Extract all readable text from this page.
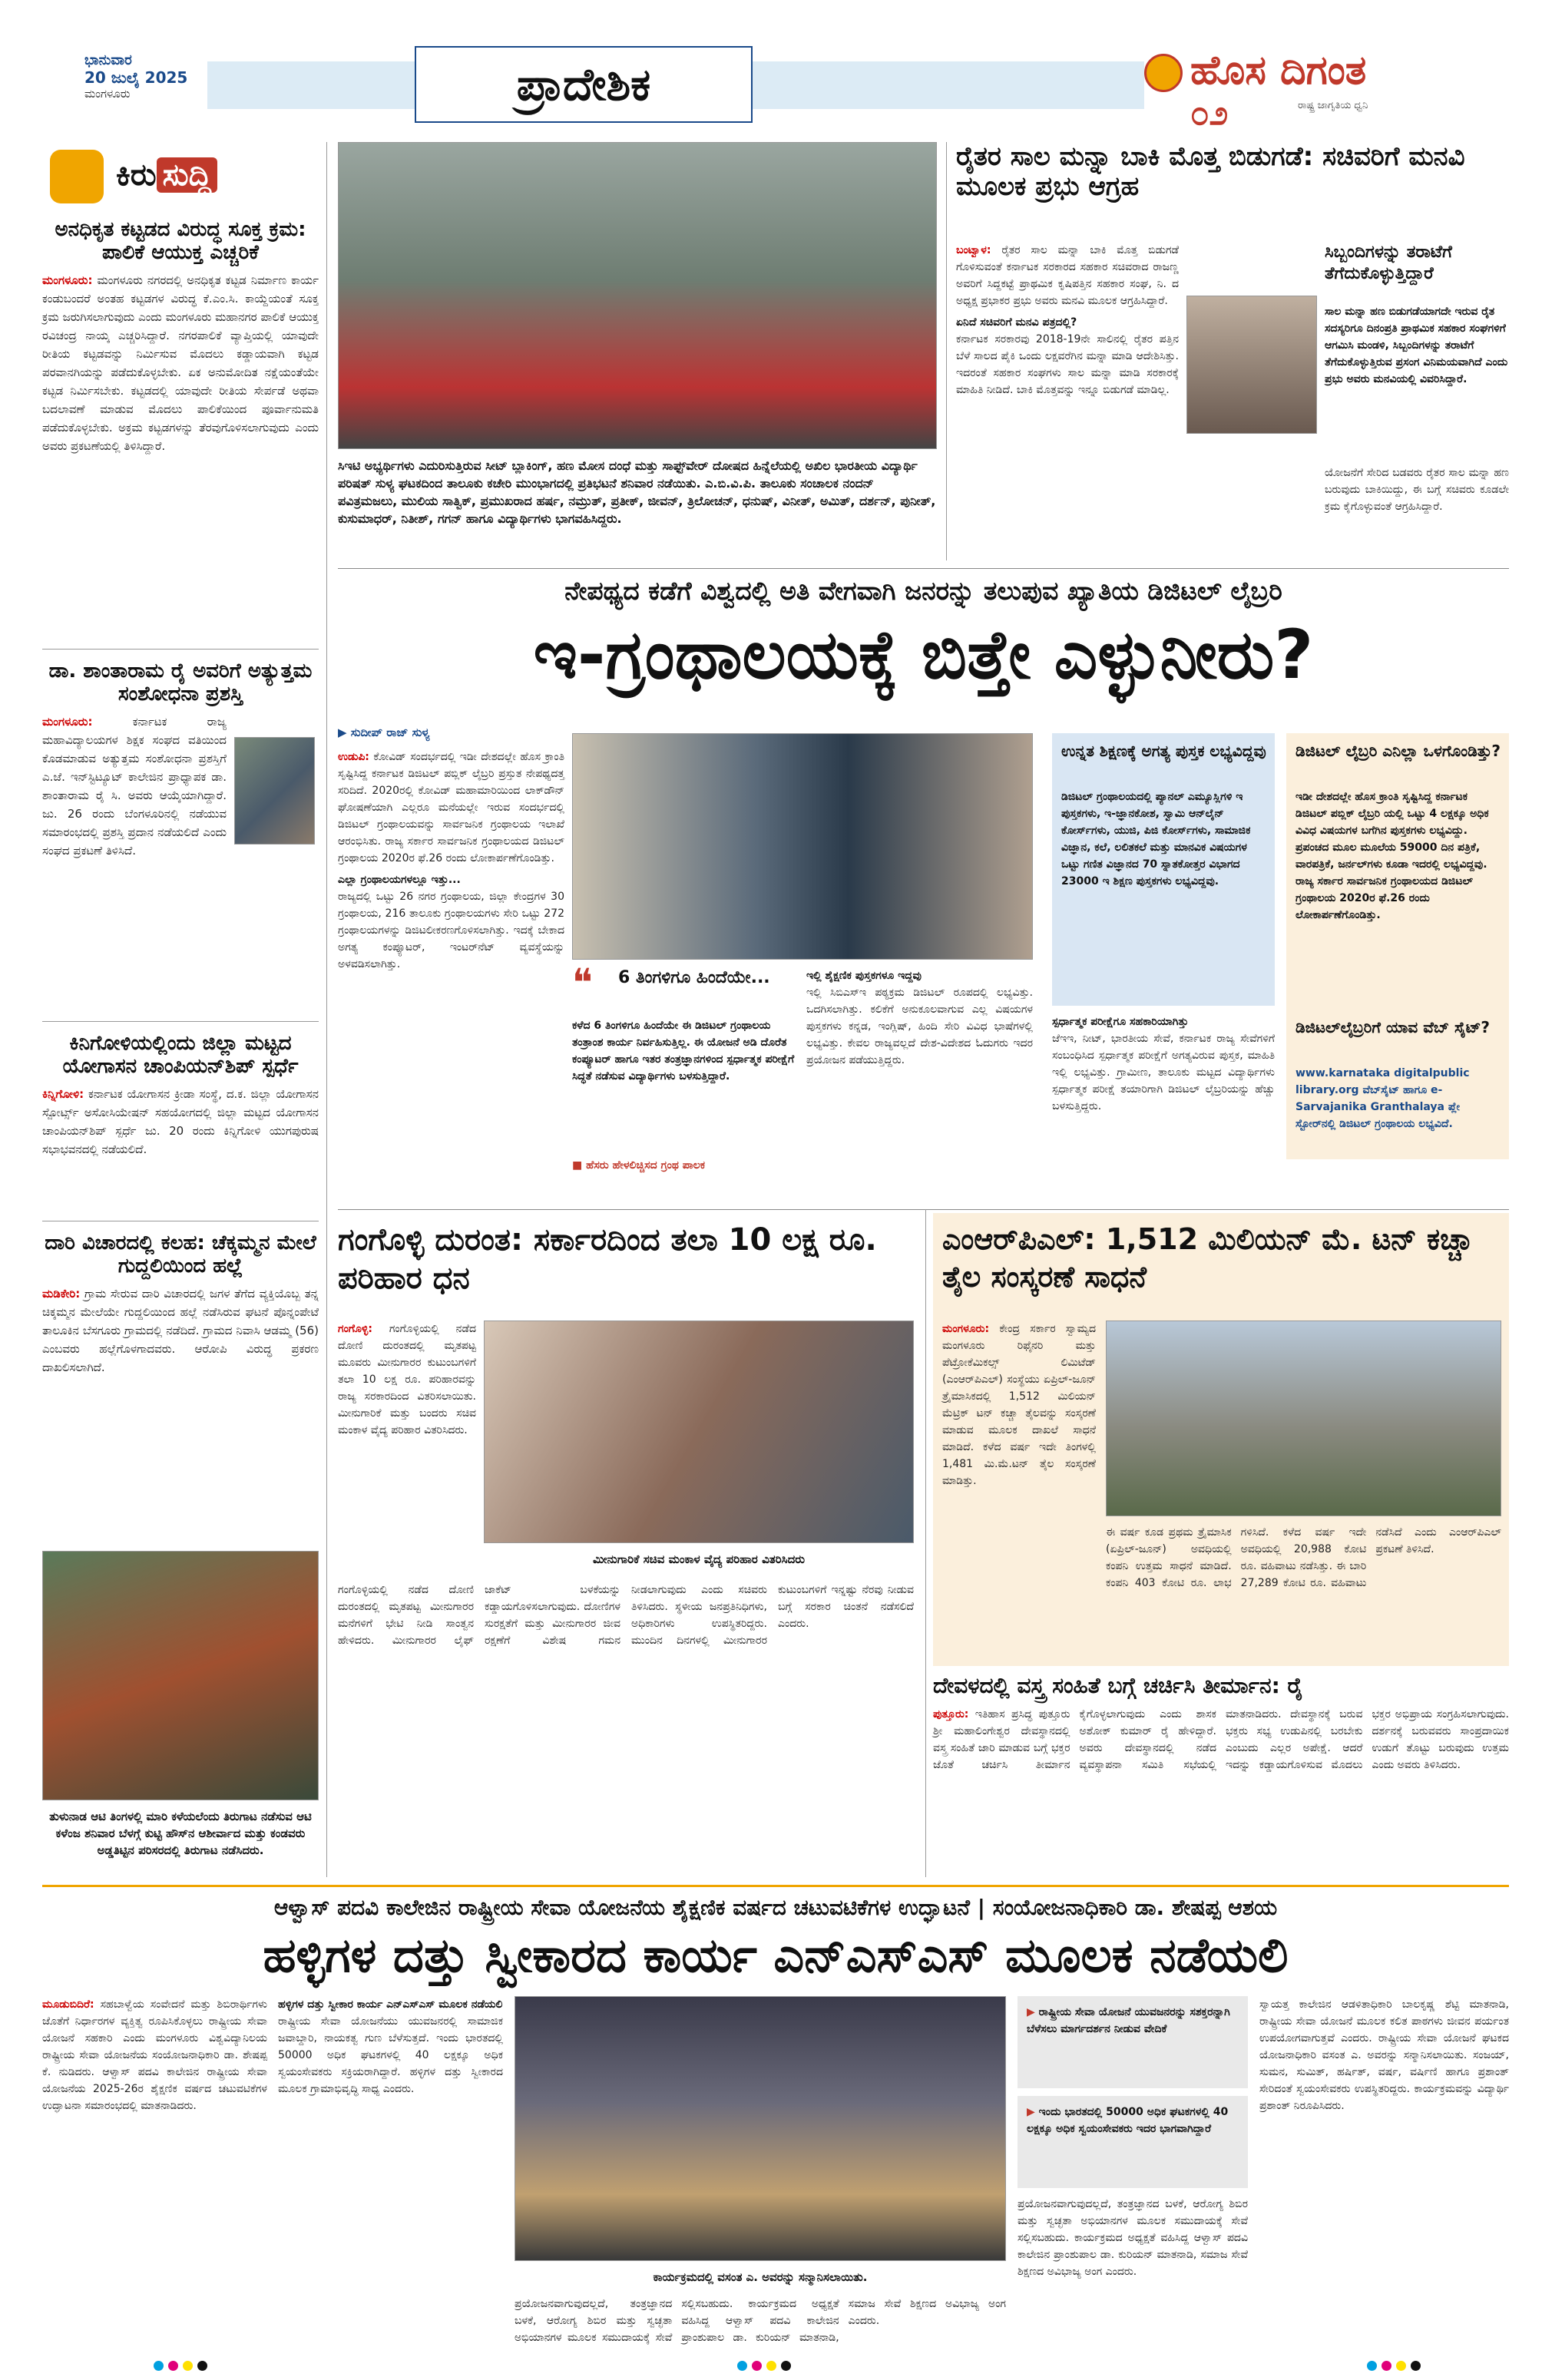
ಭಾನುವಾರ
20 ಜುಲೈ 2025
ಮಂಗಳೂರು	ಪ್ರಾದೇಶಿಕ	ಹೊಸ ದಿಗಂತ
ರಾಷ್ಟ್ರ ಜಾಗೃತಿಯ ಧ್ವನಿ
೦೨
ಕಿರು ಸುದ್ದಿ
ಅನಧಿಕೃತ ಕಟ್ಟಡದ ವಿರುದ್ಧ ಸೂಕ್ತ ಕ್ರಮ: ಪಾಲಿಕೆ ಆಯುಕ್ತ ಎಚ್ಚರಿಕೆ
ಮಂಗಳೂರು: ಮಂಗಳೂರು ನಗರದಲ್ಲಿ ಅನಧಿಕೃತ ಕಟ್ಟಡ ನಿರ್ಮಾಣ ಕಾರ್ಯ ಕಂಡುಬಂದರೆ ಅಂತಹ ಕಟ್ಟಡಗಳ ವಿರುದ್ಧ ಕೆ.ಎಂ.ಸಿ. ಕಾಯ್ದೆಯಂತೆ ಸೂಕ್ತ ಕ್ರಮ ಜರುಗಿಸಲಾಗುವುದು ಎಂದು ಮಂಗಳೂರು ಮಹಾನಗರ ಪಾಲಿಕೆ ಆಯುಕ್ತ ರವಿಚಂದ್ರ ನಾಯ್ಕ ಎಚ್ಚರಿಸಿದ್ದಾರೆ. ನಗರಪಾಲಿಕೆ ವ್ಯಾಪ್ತಿಯಲ್ಲಿ ಯಾವುದೇ ರೀತಿಯ ಕಟ್ಟಡವನ್ನು ನಿರ್ಮಿಸುವ ಮೊದಲು ಕಡ್ಡಾಯವಾಗಿ ಕಟ್ಟಡ ಪರವಾನಗಿಯನ್ನು ಪಡೆದುಕೊಳ್ಳಬೇಕು. ಏಕ ಅನುಮೋದಿತ ನಕ್ಷೆಯಂತೆಯೇ ಕಟ್ಟಡ ನಿರ್ಮಿಸಬೇಕು. ಕಟ್ಟಡದಲ್ಲಿ ಯಾವುದೇ ರೀತಿಯ ಸೇರ್ಪಡೆ ಅಥವಾ ಬದಲಾವಣೆ ಮಾಡುವ ಮೊದಲು ಪಾಲಿಕೆಯಿಂದ ಪೂರ್ವಾನುಮತಿ ಪಡೆದುಕೊಳ್ಳಬೇಕು. ಅಕ್ರಮ ಕಟ್ಟಡಗಳನ್ನು ತೆರವುಗೊಳಿಸಲಾಗುವುದು ಎಂದು ಅವರು ಪ್ರಕಟಣೆಯಲ್ಲಿ ತಿಳಿಸಿದ್ದಾರೆ.
ಡಾ. ಶಾಂತಾರಾಮ ರೈ ಅವರಿಗೆ ಅತ್ಯುತ್ತಮ ಸಂಶೋಧನಾ ಪ್ರಶಸ್ತಿ
ಮಂಗಳೂರು:	ಕರ್ನಾಟಕ ರಾಜ್ಯ ಮಹಾವಿದ್ಯಾಲಯಗಳ ಶಿಕ್ಷಕ ಸಂಘದ ವತಿಯಿಂದ ಕೊಡಮಾಡುವ ಅತ್ಯುತ್ತಮ ಸಂಶೋಧನಾ ಪ್ರಶಸ್ತಿಗೆ ಎ.ಜೆ. ಇನ್‌ಸ್ಟಿಟ್ಯೂಟ್ ಕಾಲೇಜಿನ ಪ್ರಾಧ್ಯಾಪಕ ಡಾ. ಶಾಂತಾರಾಮ ರೈ ಸಿ. ಅವರು ಆಯ್ಕೆಯಾಗಿದ್ದಾರೆ. ಜು. 26 ರಂದು ಬೆಂಗಳೂರಿನಲ್ಲಿ ನಡೆಯುವ ಸಮಾರಂಭದಲ್ಲಿ ಪ್ರಶಸ್ತಿ ಪ್ರದಾನ ನಡೆಯಲಿದೆ ಎಂದು ಸಂಘದ ಪ್ರಕಟಣೆ ತಿಳಿಸಿದೆ.
ಕಿನಿಗೋಳಿಯಲ್ಲಿಂದು ಜಿಲ್ಲಾ ಮಟ್ಟದ ಯೋಗಾಸನ ಚಾಂಪಿಯನ್‌ಶಿಪ್ ಸ್ಪರ್ಧೆ
ಕಿನ್ನಿಗೋಳಿ: ಕರ್ನಾಟಕ ಯೋಗಾಸನ ಕ್ರೀಡಾ ಸಂಸ್ಥೆ, ದ.ಕ. ಜಿಲ್ಲಾ ಯೋಗಾಸನ ಸ್ಪೋರ್ಟ್ಸ್ ಅಸೋಸಿಯೇಷನ್ ಸಹಯೋಗದಲ್ಲಿ ಜಿಲ್ಲಾ ಮಟ್ಟದ ಯೋಗಾಸನ ಚಾಂಪಿಯನ್‌ಶಿಪ್ ಸ್ಪರ್ಧೆ ಜು. 20 ರಂದು ಕಿನ್ನಿಗೋಳಿ ಯುಗಪುರುಷ ಸಭಾಭವನದಲ್ಲಿ ನಡೆಯಲಿದೆ.
ದಾರಿ ವಿಚಾರದಲ್ಲಿ ಕಲಹ: ಚೆಕ್ಕಮ್ಮನ ಮೇಲೆ ಗುದ್ದಲಿಯಿಂದ ಹಲ್ಲೆ
ಮಡಿಕೇರಿ: ಗ್ರಾಮ ಸೇರುವ ದಾರಿ ವಿಚಾರದಲ್ಲಿ ಜಗಳ ತೆಗೆದ ವ್ಯಕ್ತಿಯೊಬ್ಬ ತನ್ನ ಚಿಕ್ಕಮ್ಮನ ಮೇಲೆಯೇ ಗುದ್ದಲಿಯಿಂದ ಹಲ್ಲೆ ನಡೆಸಿರುವ ಘಟನೆ ಪೊನ್ನಂಪೇಟೆ ತಾಲೂಕಿನ ಬೆಸಗೂರು ಗ್ರಾಮದಲ್ಲಿ ನಡೆದಿದೆ. ಗ್ರಾಮದ ನಿವಾಸಿ ಆಡಮ್ಮ (56) ಎಂಬವರು ಹಲ್ಲೆಗೊಳಗಾದವರು. ಆರೋಪಿ ವಿರುದ್ಧ ಪ್ರಕರಣ ದಾಖಲಿಸಲಾಗಿದೆ.
ತುಳುನಾಡ ಆಟಿ ತಿಂಗಳಲ್ಲಿ ಮಾರಿ ಕಳೆಯಲೆಂದು ತಿರುಗಾಟ ನಡೆಸುವ ಆಟಿ ಕಳೆಂಜ ಶನಿವಾರ ಬೆಳಗ್ಗೆ ಕುಟ್ಟಿ ಹೌಸ್‌ನ ಆಶೀರ್ವಾದ ಮತ್ತು ಕಂಡವರು ಅಡ್ಡತಿಟ್ಟಿನ ಪರಿಸರದಲ್ಲಿ ತಿರುಗಾಟ ನಡೆಸಿದರು.
ಸಿಇಟಿ ಅಭ್ಯರ್ಥಿಗಳು ಎದುರಿಸುತ್ತಿರುವ ಸೀಟ್ ಬ್ಲಾಕಿಂಗ್, ಹಣ ಮೋಸ ದಂಧೆ ಮತ್ತು ಸಾಫ್ಟ್‌ವೇರ್ ದೋಷದ ಹಿನ್ನೆಲೆಯಲ್ಲಿ ಅಖಿಲ ಭಾರತೀಯ ವಿದ್ಯಾರ್ಥಿ ಪರಿಷತ್ ಸುಳ್ಯ ಘಟಕದಿಂದ ತಾಲೂಕು ಕಚೇರಿ ಮುಂಭಾಗದಲ್ಲಿ ಪ್ರತಿಭಟನೆ ಶನಿವಾರ ನಡೆಯಿತು. ಎ.ಬಿ.ವಿ.ಪಿ. ತಾಲೂಕು ಸಂಚಾಲಕ ನಂದನ್ ಪವಿತ್ರಮಜಲು, ಮುಲಿಯ ಸಾತ್ವಿಕ್, ಪ್ರಮುಖರಾದ ಹರ್ಷ, ನಮ್ರುತ್, ಪ್ರತೀಕ್, ಜೀವನ್, ತ್ರಿಲೋಚನ್, ಧನುಷ್, ವಿನೀತ್, ಅಮಿತ್, ದರ್ಶನ್, ಪುನೀತ್, ಕುಸುಮಾಧರ್, ನಿತೀಶ್, ಗಗನ್ ಹಾಗೂ ವಿದ್ಯಾರ್ಥಿಗಳು ಭಾಗವಹಿಸಿದ್ದರು.
ರೈತರ ಸಾಲ ಮನ್ನಾ ಬಾಕಿ ಮೊತ್ತ ಬಿಡುಗಡೆ: ಸಚಿವರಿಗೆ ಮನವಿ ಮೂಲಕ ಪ್ರಭು ಆಗ್ರಹ
ಬಂಟ್ವಾಳ: ರೈತರ ಸಾಲ ಮನ್ನಾ ಬಾಕಿ ಮೊತ್ತ ಬಿಡುಗಡೆ ಗೊಳಿಸುವಂತೆ ಕರ್ನಾಟಕ ಸರಕಾರದ ಸಹಕಾರ ಸಚಿವರಾದ ರಾಜಣ್ಣ ಅವರಿಗೆ ಸಿದ್ದಕಟ್ಟೆ ಪ್ರಾಥಮಿಕ ಕೃಷಿಪತ್ತಿನ ಸಹಕಾರ ಸಂಘ, ನಿ. ದ ಅಧ್ಯಕ್ಷ ಪ್ರಭಾಕರ ಪ್ರಭು ಅವರು ಮನವಿ ಮೂಲಕ ಆಗ್ರಹಿಸಿದ್ದಾರೆ.
ಏನಿದೆ ಸಚಿವರಿಗೆ ಮನವಿ ಪತ್ರದಲ್ಲಿ?
ಕರ್ನಾಟಕ ಸರಕಾರವು 2018-19ನೇ ಸಾಲಿನಲ್ಲಿ ರೈತರ ಪತ್ತಿನ ಬೆಳೆ ಸಾಲದ ಪೈಕಿ ಒಂದು ಲಕ್ಷವರೆಗಿನ ಮನ್ನಾ ಮಾಡಿ ಆದೇಶಿಸಿತ್ತು. ಇದರಂತೆ ಸಹಕಾರ ಸಂಘಗಳು ಸಾಲ ಮನ್ನಾ ಮಾಡಿ ಸರಕಾರಕ್ಕೆ ಮಾಹಿತಿ ನೀಡಿದೆ. ಬಾಕಿ ಮೊತ್ತವನ್ನು ಇನ್ನೂ ಬಿಡುಗಡೆ ಮಾಡಿಲ್ಲ.
ಸಿಬ್ಬಂದಿಗಳನ್ನು ತರಾಟೆಗೆ ತೆಗೆದುಕೊಳ್ಳುತ್ತಿದ್ದಾರೆ
ಸಾಲ ಮನ್ನಾ ಹಣ ಬಿಡುಗಡೆಯಾಗದೇ ಇರುವ ರೈತ ಸದಸ್ಯರಿಗೂ ದಿನಂಪ್ರತಿ ಪ್ರಾಥಮಿಕ ಸಹಕಾರ ಸಂಘಗಳಿಗೆ ಆಗಮಿಸಿ ಮಂಡಳಿ, ಸಿಬ್ಬಂದಿಗಳನ್ನು ತರಾಟೆಗೆ ತೆಗೆದುಕೊಳ್ಳುತ್ತಿರುವ ಪ್ರಸಂಗ ವಿನಿಮಯವಾಗಿದೆ ಎಂದು ಪ್ರಭು ಅವರು ಮನವಿಯಲ್ಲಿ ವಿವರಿಸಿದ್ದಾರೆ.
ಯೋಜನೆಗೆ ಸೇರಿದ ಬಡವರು ರೈತರ ಸಾಲ ಮನ್ನಾ ಹಣ ಬರುವುದು ಬಾಕಿಯಿದ್ದು, ಈ ಬಗ್ಗೆ ಸಚಿವರು ಕೂಡಲೇ ಕ್ರಮ ಕೈಗೊಳ್ಳುವಂತೆ ಆಗ್ರಹಿಸಿದ್ದಾರೆ.
ನೇಪಥ್ಯದ ಕಡೆಗೆ ವಿಶ್ವದಲ್ಲಿ ಅತಿ ವೇಗವಾಗಿ ಜನರನ್ನು ತಲುಪುವ ಖ್ಯಾತಿಯ ಡಿಜಿಟಲ್ ಲೈಬ್ರರಿ
ಇ-ಗ್ರಂಥಾಲಯಕ್ಕೆ ಬಿತ್ತೇ ಎಳ್ಳುನೀರು?
▶ ಸುದೀಪ್ ರಾಜ್ ಸುಳ್ಯ
ಉಡುಪಿ: ಕೋವಿಡ್ ಸಂದರ್ಭದಲ್ಲಿ ಇಡೀ ದೇಶದಲ್ಲೇ ಹೊಸ ಕ್ರಾಂತಿ ಸೃಷ್ಟಿಸಿದ್ದ ಕರ್ನಾಟಕ ಡಿಜಿಟಲ್ ಪಬ್ಲಿಕ್ ಲೈಬ್ರರಿ ಪ್ರಸ್ತುತ ನೇಪಥ್ಯದತ್ತ ಸರಿದಿದೆ. 2020ರಲ್ಲಿ ಕೋವಿಡ್ ಮಹಾಮಾರಿಯಿಂದ ಲಾಕ್‌ಡೌನ್ ಘೋಷಣೆಯಾಗಿ ಎಲ್ಲರೂ ಮನೆಯಲ್ಲೇ ಇರುವ ಸಂದರ್ಭದಲ್ಲಿ ಡಿಜಿಟಲ್ ಗ್ರಂಥಾಲಯವನ್ನು ಸಾರ್ವಜನಿಕ ಗ್ರಂಥಾಲಯ ಇಲಾಖೆ ಆರಂಭಿಸಿತು. ರಾಜ್ಯ ಸರ್ಕಾರ ಸಾರ್ವಜನಿಕ ಗ್ರಂಥಾಲಯದ ಡಿಜಿಟಲ್ ಗ್ರಂಥಾಲಯ 2020ರ ಫೆ.26 ರಂದು ಲೋಕಾರ್ಪಣೆಗೊಂಡಿತ್ತು.
ಎಲ್ಲಾ ಗ್ರಂಥಾಲಯಗಳಲ್ಲೂ ಇತ್ತು...
ರಾಜ್ಯದಲ್ಲಿ ಒಟ್ಟು 26 ನಗರ ಗ್ರಂಥಾಲಯ, ಜಿಲ್ಲಾ ಕೇಂದ್ರಗಳ 30 ಗ್ರಂಥಾಲಯ, 216 ತಾಲೂಕು ಗ್ರಂಥಾಲಯಗಳು ಸೇರಿ ಒಟ್ಟು 272 ಗ್ರಂಥಾಲಯಗಳನ್ನು ಡಿಜಿಟಲೀಕರಣಗೊಳಿಸಲಾಗಿತ್ತು. ಇದಕ್ಕೆ ಬೇಕಾದ ಅಗತ್ಯ ಕಂಪ್ಯೂಟರ್, ಇಂಟರ್‌ನೆಟ್ ವ್ಯವಸ್ಥೆಯನ್ನು ಅಳವಡಿಸಲಾಗಿತ್ತು.	❝ 6 ತಿಂಗಳಿಗೂ ಹಿಂದೆಯೇ...
ಕಳೆದ 6 ತಿಂಗಳಿಗೂ ಹಿಂದೆಯೇ ಈ ಡಿಜಿಟಲ್ ಗ್ರಂಥಾಲಯ ತಂತ್ರಾಂಶ ಕಾರ್ಯ ನಿರ್ವಹಿಸುತ್ತಿಲ್ಲ. ಈ ಯೋಜನೆ ಅಡಿ ದೊರೆತ ಕಂಪ್ಯೂಟರ್ ಹಾಗೂ ಇತರ ತಂತ್ರಜ್ಞಾನಗಳಿಂದ ಸ್ಪರ್ಧಾತ್ಮಕ ಪರೀಕ್ಷೆಗೆ ಸಿದ್ಧತೆ ನಡೆಸುವ ವಿದ್ಯಾರ್ಥಿಗಳು ಬಳಸುತ್ತಿದ್ದಾರೆ.
■ ಹೆಸರು ಹೇಳಲಿಚ್ಚಿಸದ ಗ್ರಂಥ ಪಾಲಕ
ಇಲ್ಲಿ ಶೈಕ್ಷಣಿಕ ಪುಸ್ತಕಗಳೂ ಇದ್ದವು
ಇಲ್ಲಿ ಸಿಬಿಎಸ್‌ಇ ಪಠ್ಯಕ್ರಮ ಡಿಜಿಟಲ್ ರೂಪದಲ್ಲಿ ಲಭ್ಯವಿತ್ತು. ಒದಗಿಸಲಾಗಿತ್ತು. ಕಲಿಕೆಗೆ ಅನುಕೂಲವಾಗುವ ಎಲ್ಲ ವಿಷಯಗಳ ಪುಸ್ತಕಗಳು ಕನ್ನಡ, ಇಂಗ್ಲಿಷ್, ಹಿಂದಿ ಸೇರಿ ವಿವಿಧ ಭಾಷೆಗಳಲ್ಲಿ ಲಭ್ಯವಿತ್ತು. ಕೇವಲ ರಾಜ್ಯವಲ್ಲದೆ ದೇಶ-ವಿದೇಶದ ಓದುಗರು ಇದರ ಪ್ರಯೋಜನ ಪಡೆಯುತ್ತಿದ್ದರು.
ಉನ್ನತ ಶಿಕ್ಷಣಕ್ಕೆ ಅಗತ್ಯ ಪುಸ್ತಕ ಲಭ್ಯವಿದ್ದವು
ಡಿಜಿಟಲ್ ಗ್ರಂಥಾಲಯದಲ್ಲಿ ಪ್ಯಾನಲ್ ಎಮ್ಯೂಸ್ಲಿಗಳಿ ಇ ಪುಸ್ತಕಗಳು, ಇ-ಜ್ಞಾನಕೋಶ, ಸ್ವಾಮಿ ಆನ್‌ಲೈನ್ ಕೋರ್ಸ್‌ಗಳು, ಯುಜಿ, ಪಿಜಿ ಕೋರ್ಸ್‌ಗಳು, ಸಾಮಾಜಿಕ ವಿಜ್ಞಾನ, ಕಲೆ, ಲಲಿತಕಲೆ ಮತ್ತು ಮಾನವಿಕ ವಿಷಯಗಳ ಒಟ್ಟು ಗಣಿತ ವಿಜ್ಞಾನದ 70 ಸ್ನಾತಕೋತ್ತರ ವಿಭಾಗದ 23000 ಇ ಶಿಕ್ಷಣ ಪುಸ್ತಕಗಳು ಲಭ್ಯವಿದ್ದವು.
ಸ್ಪರ್ಧಾತ್ಮಕ ಪರೀಕ್ಷೆಗೂ ಸಹಕಾರಿಯಾಗಿತ್ತು
ಜೆಇಇ, ನೀಟ್, ಭಾರತೀಯ ಸೇವೆ, ಕರ್ನಾಟಕ ರಾಜ್ಯ ಸೇವೆಗಳಿಗೆ ಸಂಬಂಧಿಸಿದ ಸ್ಪರ್ಧಾತ್ಮಕ ಪರೀಕ್ಷೆಗೆ ಅಗತ್ಯವಿರುವ ಪುಸ್ತಕ, ಮಾಹಿತಿ ಇಲ್ಲಿ ಲಭ್ಯವಿತ್ತು. ಗ್ರಾಮೀಣ, ತಾಲೂಕು ಮಟ್ಟದ ವಿದ್ಯಾರ್ಥಿಗಳು ಸ್ಪರ್ಧಾತ್ಮಕ ಪರೀಕ್ಷೆ ತಯಾರಿಗಾಗಿ ಡಿಜಿಟಲ್ ಲೈಬ್ರರಿಯನ್ನು ಹೆಚ್ಚು ಬಳಸುತ್ತಿದ್ದರು.
ಡಿಜಿಟಲ್ ಲೈಬ್ರರಿ ಎನಿಲ್ಲಾ ಒಳಗೊಂಡಿತ್ತು?
ಇಡೀ ದೇಶದಲ್ಲೇ ಹೊಸ ಕ್ರಾಂತಿ ಸೃಷ್ಟಿಸಿದ್ದ ಕರ್ನಾಟಕ ಡಿಜಿಟಲ್ ಪಬ್ಲಿಕ್ ಲೈಬ್ರರಿ ಯಲ್ಲಿ ಒಟ್ಟು 4 ಲಕ್ಷಕ್ಕೂ ಅಧಿಕ ವಿವಿಧ ವಿಷಯಗಳ ಬಗೆಗಿನ ಪುಸ್ತಕಗಳು ಲಭ್ಯವಿದ್ದು. ಪ್ರಪಂಚದ ಮೂಲ ಮೂಲೆಯ 59000 ದಿನ ಪತ್ರಿಕೆ, ವಾರಪತ್ರಿಕೆ, ಜರ್ನಲ್‌ಗಳು ಕೂಡಾ ಇದರಲ್ಲಿ ಲಭ್ಯವಿದ್ದವು. ರಾಜ್ಯ ಸರ್ಕಾರ ಸಾರ್ವಜನಿಕ ಗ್ರಂಥಾಲಯದ ಡಿಜಿಟಲ್ ಗ್ರಂಥಾಲಯ 2020ರ ಫೆ.26 ರಂದು ಲೋಕಾರ್ಪಣೆಗೊಂಡಿತ್ತು.
ಡಿಜಿಟಲ್‌ಲೈಬ್ರರಿಗೆ ಯಾವ ವೆಬ್ ಸೈಟ್?
www.karnataka digitalpublic library.org ವೆಬ್‌ಸೈಟ್ ಹಾಗೂ e-Sarvajanika Granthalaya ಪ್ಲೇ ಸ್ಟೋರ್‌ನಲ್ಲಿ ಡಿಜಿಟಲ್ ಗ್ರಂಥಾಲಯ ಲಭ್ಯವಿದೆ.
ಗಂಗೊಳ್ಳಿ ದುರಂತ: ಸರ್ಕಾರದಿಂದ ತಲಾ 10 ಲಕ್ಷ ರೂ. ಪರಿಹಾರ ಧನ
ಗಂಗೊಳ್ಳಿ: ಗಂಗೊಳ್ಳಿಯಲ್ಲಿ ನಡೆದ ದೋಣಿ ದುರಂತದಲ್ಲಿ ಮೃತಪಟ್ಟ ಮೂವರು ಮೀನುಗಾರರ ಕುಟುಂಬಗಳಿಗೆ ತಲಾ 10 ಲಕ್ಷ ರೂ. ಪರಿಹಾರವನ್ನು ರಾಜ್ಯ ಸರಕಾರದಿಂದ ವಿತರಿಸಲಾಯಿತು. ಮೀನುಗಾರಿಕೆ ಮತ್ತು ಬಂದರು ಸಚಿವ ಮಂಕಾಳ ವೈದ್ಯ ಪರಿಹಾರ ವಿತರಿಸಿದರು.
ಮೀನುಗಾರಿಕೆ ಸಚಿವ ಮಂಕಾಳ ವೈದ್ಯ ಪರಿಹಾರ ವಿತರಿಸಿದರು
ಗಂಗೊಳ್ಳಿಯಲ್ಲಿ ನಡೆದ ದೋಣಿ ದುರಂತದಲ್ಲಿ ಮೃತಪಟ್ಟ ಮೀನುಗಾರರ ಮನೆಗಳಿಗೆ ಭೇಟಿ ನೀಡಿ ಸಾಂತ್ವನ ಹೇಳಿದರು. ಮೀನುಗಾರರ ಲೈಫ್ ಜಾಕೆಟ್ ಬಳಕೆಯನ್ನು ಕಡ್ಡಾಯಗೊಳಿಸಲಾಗುವುದು. ದೋಣಿಗಳ ಸುರಕ್ಷತೆಗೆ ಮತ್ತು ಮೀನುಗಾರರ ಜೀವ ರಕ್ಷಣೆಗೆ ವಿಶೇಷ ಗಮನ ನೀಡಲಾಗುವುದು ಎಂದು ಸಚಿವರು ತಿಳಿಸಿದರು. ಸ್ಥಳೀಯ ಜನಪ್ರತಿನಿಧಿಗಳು, ಅಧಿಕಾರಿಗಳು ಉಪಸ್ಥಿತರಿದ್ದರು. ಮುಂದಿನ ದಿನಗಳಲ್ಲಿ ಮೀನುಗಾರರ ಕುಟುಂಬಗಳಿಗೆ ಇನ್ನಷ್ಟು ನೆರವು ನೀಡುವ ಬಗ್ಗೆ ಸರಕಾರ ಚಿಂತನೆ ನಡೆಸಲಿದೆ ಎಂದರು.
ಎಂಆರ್‌ಪಿಎಲ್: 1,512 ಮಿಲಿಯನ್ ಮೆ. ಟನ್ ಕಚ್ಚಾ ತೈಲ ಸಂಸ್ಕರಣೆ ಸಾಧನೆ
ಮಂಗಳೂರು: ಕೇಂದ್ರ ಸರ್ಕಾರ ಸ್ವಾಮ್ಯದ ಮಂಗಳೂರು ರಿಫೈನರಿ ಮತ್ತು ಪೆಟ್ರೋಕೆಮಿಕಲ್ಸ್ ಲಿಮಿಟೆಡ್ (ಎಂಆರ್‌ಪಿಎಲ್) ಸಂಸ್ಥೆಯು ಏಪ್ರಿಲ್-ಜೂನ್ ತ್ರೈಮಾಸಿಕದಲ್ಲಿ 1,512 ಮಿಲಿಯನ್ ಮೆಟ್ರಿಕ್ ಟನ್ ಕಚ್ಚಾ ತೈಲವನ್ನು ಸಂಸ್ಕರಣೆ ಮಾಡುವ ಮೂಲಕ ದಾಖಲೆ ಸಾಧನೆ ಮಾಡಿದೆ. ಕಳೆದ ವರ್ಷ ಇದೇ ತಿಂಗಳಲ್ಲಿ 1,481 ಮಿ.ಮೆ.ಟನ್ ತೈಲ ಸಂಸ್ಕರಣೆ ಮಾಡಿತ್ತು.
ಈ ವರ್ಷ ಕೂಡ ಪ್ರಥಮ ತ್ರೈಮಾಸಿಕ (ಏಪ್ರಿಲ್-ಜೂನ್) ಅವಧಿಯಲ್ಲಿ ಕಂಪನಿ ಉತ್ತಮ ಸಾಧನೆ ಮಾಡಿದೆ. ಕಂಪನಿ 403 ಕೋಟಿ ರೂ. ಲಾಭ ಗಳಿಸಿದೆ. ಕಳೆದ ವರ್ಷ ಇದೇ ಅವಧಿಯಲ್ಲಿ 20,988 ಕೋಟಿ ರೂ. ವಹಿವಾಟು ನಡೆಸಿತ್ತು. ಈ ಬಾರಿ 27,289 ಕೋಟಿ ರೂ. ವಹಿವಾಟು ನಡೆಸಿದೆ ಎಂದು ಎಂಆರ್‌ಪಿಎಲ್ ಪ್ರಕಟಣೆ ತಿಳಿಸಿದೆ.
ದೇವಳದಲ್ಲಿ ವಸ್ತ್ರ ಸಂಹಿತೆ ಬಗ್ಗೆ ಚರ್ಚಿಸಿ ತೀರ್ಮಾನ: ರೈ
ಪುತ್ತೂರು: ಇತಿಹಾಸ ಪ್ರಸಿದ್ಧ ಪುತ್ತೂರು ಶ್ರೀ ಮಹಾಲಿಂಗೇಶ್ವರ ದೇವಸ್ಥಾನದಲ್ಲಿ ವಸ್ತ್ರ ಸಂಹಿತೆ ಜಾರಿ ಮಾಡುವ ಬಗ್ಗೆ ಭಕ್ತರ ಜೊತೆ ಚರ್ಚಿಸಿ ತೀರ್ಮಾನ ಕೈಗೊಳ್ಳಲಾಗುವುದು ಎಂದು ಶಾಸಕ ಅಶೋಕ್ ಕುಮಾರ್ ರೈ ಹೇಳಿದ್ದಾರೆ. ಅವರು ದೇವಸ್ಥಾನದಲ್ಲಿ ನಡೆದ ವ್ಯವಸ್ಥಾಪನಾ ಸಮಿತಿ ಸಭೆಯಲ್ಲಿ ಮಾತನಾಡಿದರು. ದೇವಸ್ಥಾನಕ್ಕೆ ಬರುವ ಭಕ್ತರು ಸಭ್ಯ ಉಡುಪಿನಲ್ಲಿ ಬರಬೇಕು ಎಂಬುದು ಎಲ್ಲರ ಅಪೇಕ್ಷೆ. ಆದರೆ ಇದನ್ನು ಕಡ್ಡಾಯಗೊಳಿಸುವ ಮೊದಲು ಭಕ್ತರ ಅಭಿಪ್ರಾಯ ಸಂಗ್ರಹಿಸಲಾಗುವುದು. ದರ್ಶನಕ್ಕೆ ಬರುವವರು ಸಾಂಪ್ರದಾಯಿಕ ಉಡುಗೆ ತೊಟ್ಟು ಬರುವುದು ಉತ್ತಮ ಎಂದು ಅವರು ತಿಳಿಸಿದರು.
ಆಳ್ವಾಸ್ ಪದವಿ ಕಾಲೇಜಿನ ರಾಷ್ಟ್ರೀಯ ಸೇವಾ ಯೋಜನೆಯ ಶೈಕ್ಷಣಿಕ ವರ್ಷದ ಚಟುವಟಿಕೆಗಳ ಉದ್ಘಾಟನೆ | ಸಂಯೋಜನಾಧಿಕಾರಿ ಡಾ. ಶೇಷಪ್ಪ ಆಶಯ
ಹಳ್ಳಿಗಳ ದತ್ತು ಸ್ವೀಕಾರದ ಕಾರ್ಯ ಎನ್‌ಎಸ್‌ಎಸ್ ಮೂಲಕ ನಡೆಯಲಿ
ಮೂಡುಬಿದಿರೆ: ಸಹಬಾಳ್ವೆಯ ಸಂವೇದನೆ ಮತ್ತು ಶಿಬಿರಾರ್ಥಿಗಳು ಜೊತೆಗೆ ನಿರ್ಧಾರಗಳ ವ್ಯಕ್ತಿತ್ವ ರೂಪಿಸಿಕೊಳ್ಳಲು ರಾಷ್ಟ್ರೀಯ ಸೇವಾ ಯೋಜನೆ ಸಹಕಾರಿ ಎಂದು ಮಂಗಳೂರು ವಿಶ್ವವಿದ್ಯಾನಿಲಯ ರಾಷ್ಟ್ರೀಯ ಸೇವಾ ಯೋಜನೆಯ ಸಂಯೋಜನಾಧಿಕಾರಿ ಡಾ. ಶೇಷಪ್ಪ ಕೆ. ನುಡಿದರು. ಆಳ್ವಾಸ್ ಪದವಿ ಕಾಲೇಜಿನ ರಾಷ್ಟ್ರೀಯ ಸೇವಾ ಯೋಜನೆಯ 2025-26ರ ಶೈಕ್ಷಣಿಕ ವರ್ಷದ ಚಟುವಟಿಕೆಗಳ ಉದ್ಘಾಟನಾ ಸಮಾರಂಭದಲ್ಲಿ ಮಾತನಾಡಿದರು.
ಹಳ್ಳಿಗಳ ದತ್ತು ಸ್ವೀಕಾರ ಕಾರ್ಯ ಎನ್‌ಎಸ್‌ಎಸ್ ಮೂಲಕ ನಡೆಯಲಿ
ರಾಷ್ಟ್ರೀಯ ಸೇವಾ ಯೋಜನೆಯು ಯುವಜನರಲ್ಲಿ ಸಾಮಾಜಿಕ ಜವಾಬ್ದಾರಿ, ನಾಯಕತ್ವ ಗುಣ ಬೆಳೆಸುತ್ತದೆ. ಇಂದು ಭಾರತದಲ್ಲಿ 50000 ಅಧಿಕ ಘಟಕಗಳಲ್ಲಿ 40 ಲಕ್ಷಕ್ಕೂ ಅಧಿಕ ಸ್ವಯಂಸೇವಕರು ಸಕ್ರಿಯರಾಗಿದ್ದಾರೆ. ಹಳ್ಳಿಗಳ ದತ್ತು ಸ್ವೀಕಾರದ ಮೂಲಕ ಗ್ರಾಮಾಭಿವೃದ್ಧಿ ಸಾಧ್ಯ ಎಂದರು.
ಕಾರ್ಯಕ್ರಮದಲ್ಲಿ ವಸಂತ ಎ. ಅವರನ್ನು ಸನ್ಮಾನಿಸಲಾಯಿತು.
ಪ್ರಯೋಜನವಾಗುವುದಲ್ಲದೆ, ತಂತ್ರಜ್ಞಾನದ ಬಳಕೆ, ಆರೋಗ್ಯ ಶಿಬಿರ ಮತ್ತು ಸ್ವಚ್ಛತಾ ಅಭಿಯಾನಗಳ ಮೂಲಕ ಸಮುದಾಯಕ್ಕೆ ಸೇವೆ ಸಲ್ಲಿಸಬಹುದು. ಕಾರ್ಯಕ್ರಮದ ಅಧ್ಯಕ್ಷತೆ ವಹಿಸಿದ್ದ ಆಳ್ವಾಸ್ ಪದವಿ ಕಾಲೇಜಿನ ಪ್ರಾಂಶುಪಾಲ ಡಾ. ಕುರಿಯನ್ ಮಾತನಾಡಿ, ಸಮಾಜ ಸೇವೆ ಶಿಕ್ಷಣದ ಅವಿಭಾಜ್ಯ ಅಂಗ ಎಂದರು.
▶ ರಾಷ್ಟ್ರೀಯ ಸೇವಾ ಯೋಜನೆ ಯುವಜನರನ್ನು ಸಶಕ್ತರನ್ನಾಗಿ ಬೆಳೆಸಲು ಮಾರ್ಗದರ್ಶನ ನೀಡುವ ವೇದಿಕೆ
▶ ಇಂದು ಭಾರತದಲ್ಲಿ 50000 ಅಧಿಕ ಘಟಕಗಳಲ್ಲಿ 40 ಲಕ್ಷಕ್ಕೂ ಅಧಿಕ ಸ್ವಯಂಸೇವಕರು ಇದರ ಭಾಗವಾಗಿದ್ದಾರೆ
ಪ್ರಯೋಜನವಾಗುವುದಲ್ಲದೆ, ತಂತ್ರಜ್ಞಾನದ ಬಳಕೆ, ಆರೋಗ್ಯ ಶಿಬಿರ ಮತ್ತು ಸ್ವಚ್ಛತಾ ಅಭಿಯಾನಗಳ ಮೂಲಕ ಸಮುದಾಯಕ್ಕೆ ಸೇವೆ ಸಲ್ಲಿಸಬಹುದು. ಕಾರ್ಯಕ್ರಮದ ಅಧ್ಯಕ್ಷತೆ ವಹಿಸಿದ್ದ ಆಳ್ವಾಸ್ ಪದವಿ ಕಾಲೇಜಿನ ಪ್ರಾಂಶುಪಾಲ ಡಾ. ಕುರಿಯನ್ ಮಾತನಾಡಿ, ಸಮಾಜ ಸೇವೆ ಶಿಕ್ಷಣದ ಅವಿಭಾಜ್ಯ ಅಂಗ ಎಂದರು.
ಸ್ವಾಯತ್ತ ಕಾಲೇಜಿನ ಆಡಳಿತಾಧಿಕಾರಿ ಬಾಲಕೃಷ್ಣ ಶೆಟ್ಟಿ ಮಾತನಾಡಿ, ರಾಷ್ಟ್ರೀಯ ಸೇವಾ ಯೋಜನೆ ಮೂಲಕ ಕಲಿತ ಪಾಠಗಳು ಜೀವನ ಪರ್ಯಂತ ಉಪಯೋಗವಾಗುತ್ತವೆ ಎಂದರು. ರಾಷ್ಟ್ರೀಯ ಸೇವಾ ಯೋಜನೆ ಘಟಕದ ಯೋಜನಾಧಿಕಾರಿ ವಸಂತ ಎ. ಅವರನ್ನು ಸನ್ಮಾನಿಸಲಾಯಿತು. ಸಂಜಯ್, ಸುಮನ, ಸುಮಿತ್, ಹರ್ಷಿತ್, ವರ್ಷ, ವರ್ಷಿಣಿ ಹಾಗೂ ಪ್ರಶಾಂತ್ ಸೇರಿದಂತೆ ಸ್ವಯಂಸೇವಕರು ಉಪಸ್ಥಿತರಿದ್ದರು. ಕಾರ್ಯಕ್ರಮವನ್ನು ವಿದ್ಯಾರ್ಥಿ ಪ್ರಶಾಂತ್ ನಿರೂಪಿಸಿದರು.
